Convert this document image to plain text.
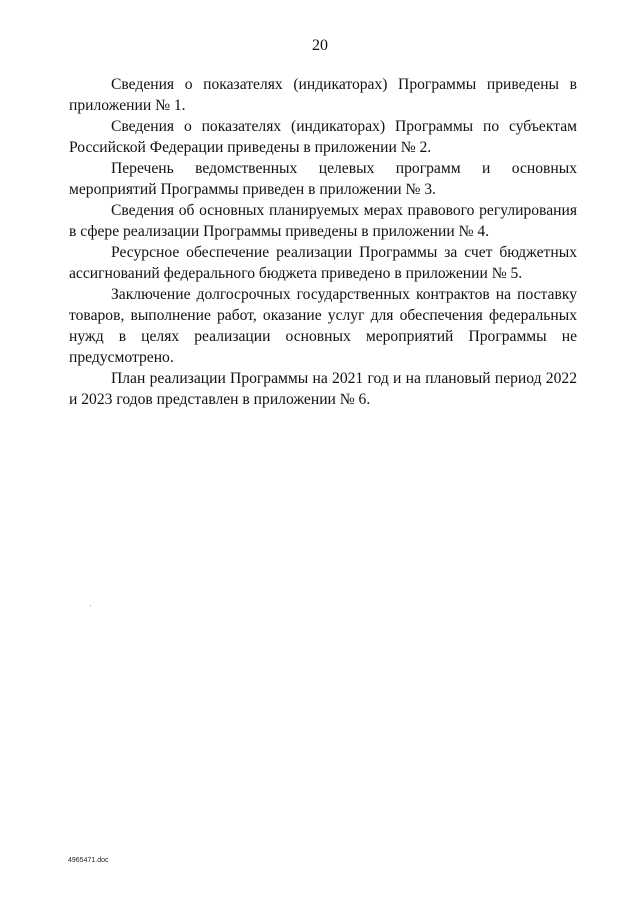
20

Сведения о показателях (индикаторах) Программы приведены в приложении № 1.

Сведения о показателях (индикаторах) Программы по субъектам Российской Федерации приведены в приложении № 2.

Перечень ведомственных целевых программ и основных мероприятий Программы приведен в приложении № 3.

Сведения об основных планируемых мерах правового регулирования в сфере реализации Программы приведены в приложении № 4.

Ресурсное обеспечение реализации Программы за счет бюджетных ассигнований федерального бюджета приведено в приложении № 5.

Заключение долгосрочных государственных контрактов на поставку товаров, выполнение работ, оказание услуг для обеспечения федеральных нужд в целях реализации основных мероприятий Программы не предусмотрено.

План реализации Программы на 2021 год и на плановый период 2022 и 2023 годов представлен в приложении № 6.

4965471.doc
